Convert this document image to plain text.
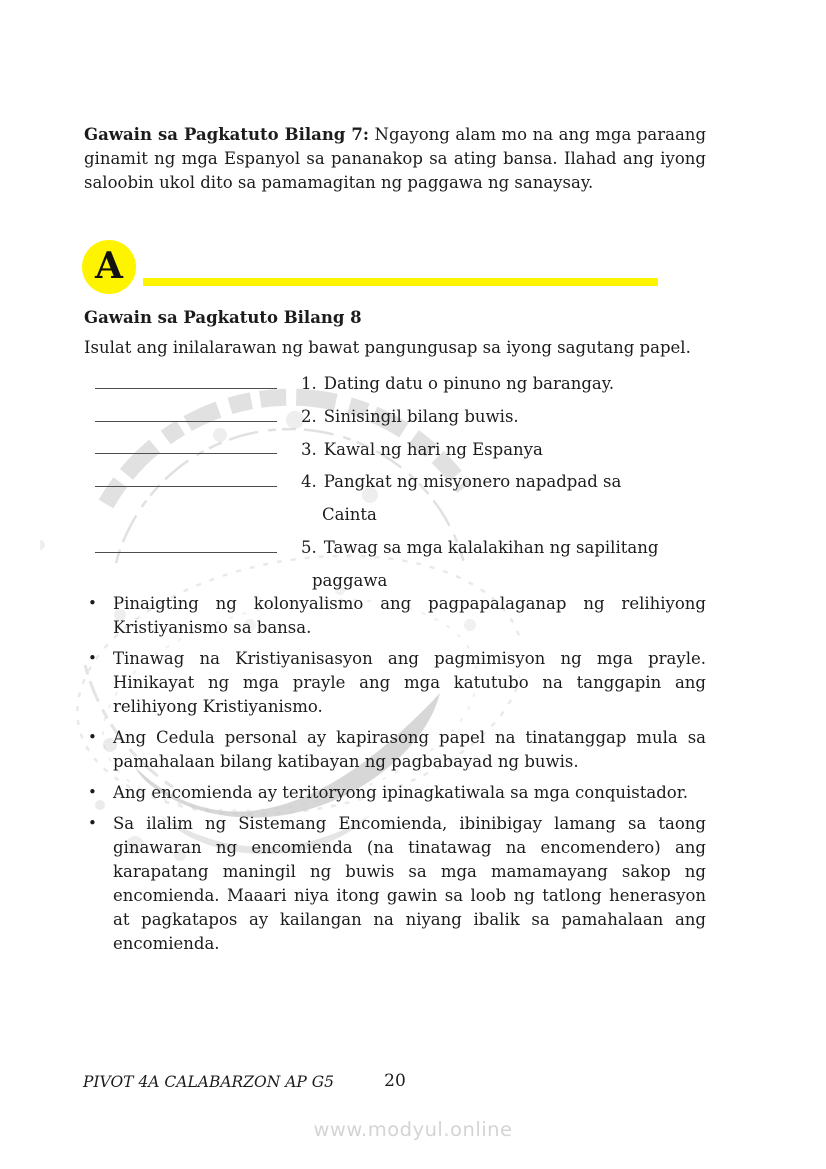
Gawain sa Pagkatuto Bilang 7: Ngayong alam mo na ang mga paraang ginamit ng mga Espanyol sa pananakop sa ating bansa. Ilahad ang iyong saloobin ukol dito sa pamamagitan ng paggawa ng sanaysay.

A
Gawain sa Pagkatuto Bilang 8
Isulat ang inilalarawan ng bawat pangungusap sa iyong sagutang papel.
1. Dating datu o pinuno ng barangay.
2. Sinisingil bilang buwis.
3. Kawal ng hari ng Espanya
4. Pangkat ng misyonero napadpad sa
Cainta
5. Tawag sa mga kalalakihan ng sapilitang
paggawa
• Pinaigting ng kolonyalismo ang pagpapalaganap ng relihiyong Kristiyanismo sa bansa.
• Tinawag na Kristiyanisasyon ang pagmimisyon ng mga prayle. Hinikayat ng mga prayle ang mga katutubo na tanggapin ang relihiyong Kristiyanismo.
• Ang Cedula personal ay kapirasong papel na tinatanggap mula sa pamahalaan bilang katibayan ng pagbabayad ng buwis.
• Ang encomienda ay teritoryong ipinagkatiwala sa mga conquistador.
• Sa ilalim ng Sistemang Encomienda, ibinibigay lamang sa taong ginawaran ng encomienda (na tinatawag na encomendero) ang karapatang maningil ng buwis sa mga mamamayang sakop ng encomienda. Maaari niya itong gawin sa loob ng tatlong henerasyon at pagkatapos ay kailangan na niyang ibalik sa pamahalaan ang encomienda.
PIVOT 4A CALABARZON AP G5	20
www.modyul.online
